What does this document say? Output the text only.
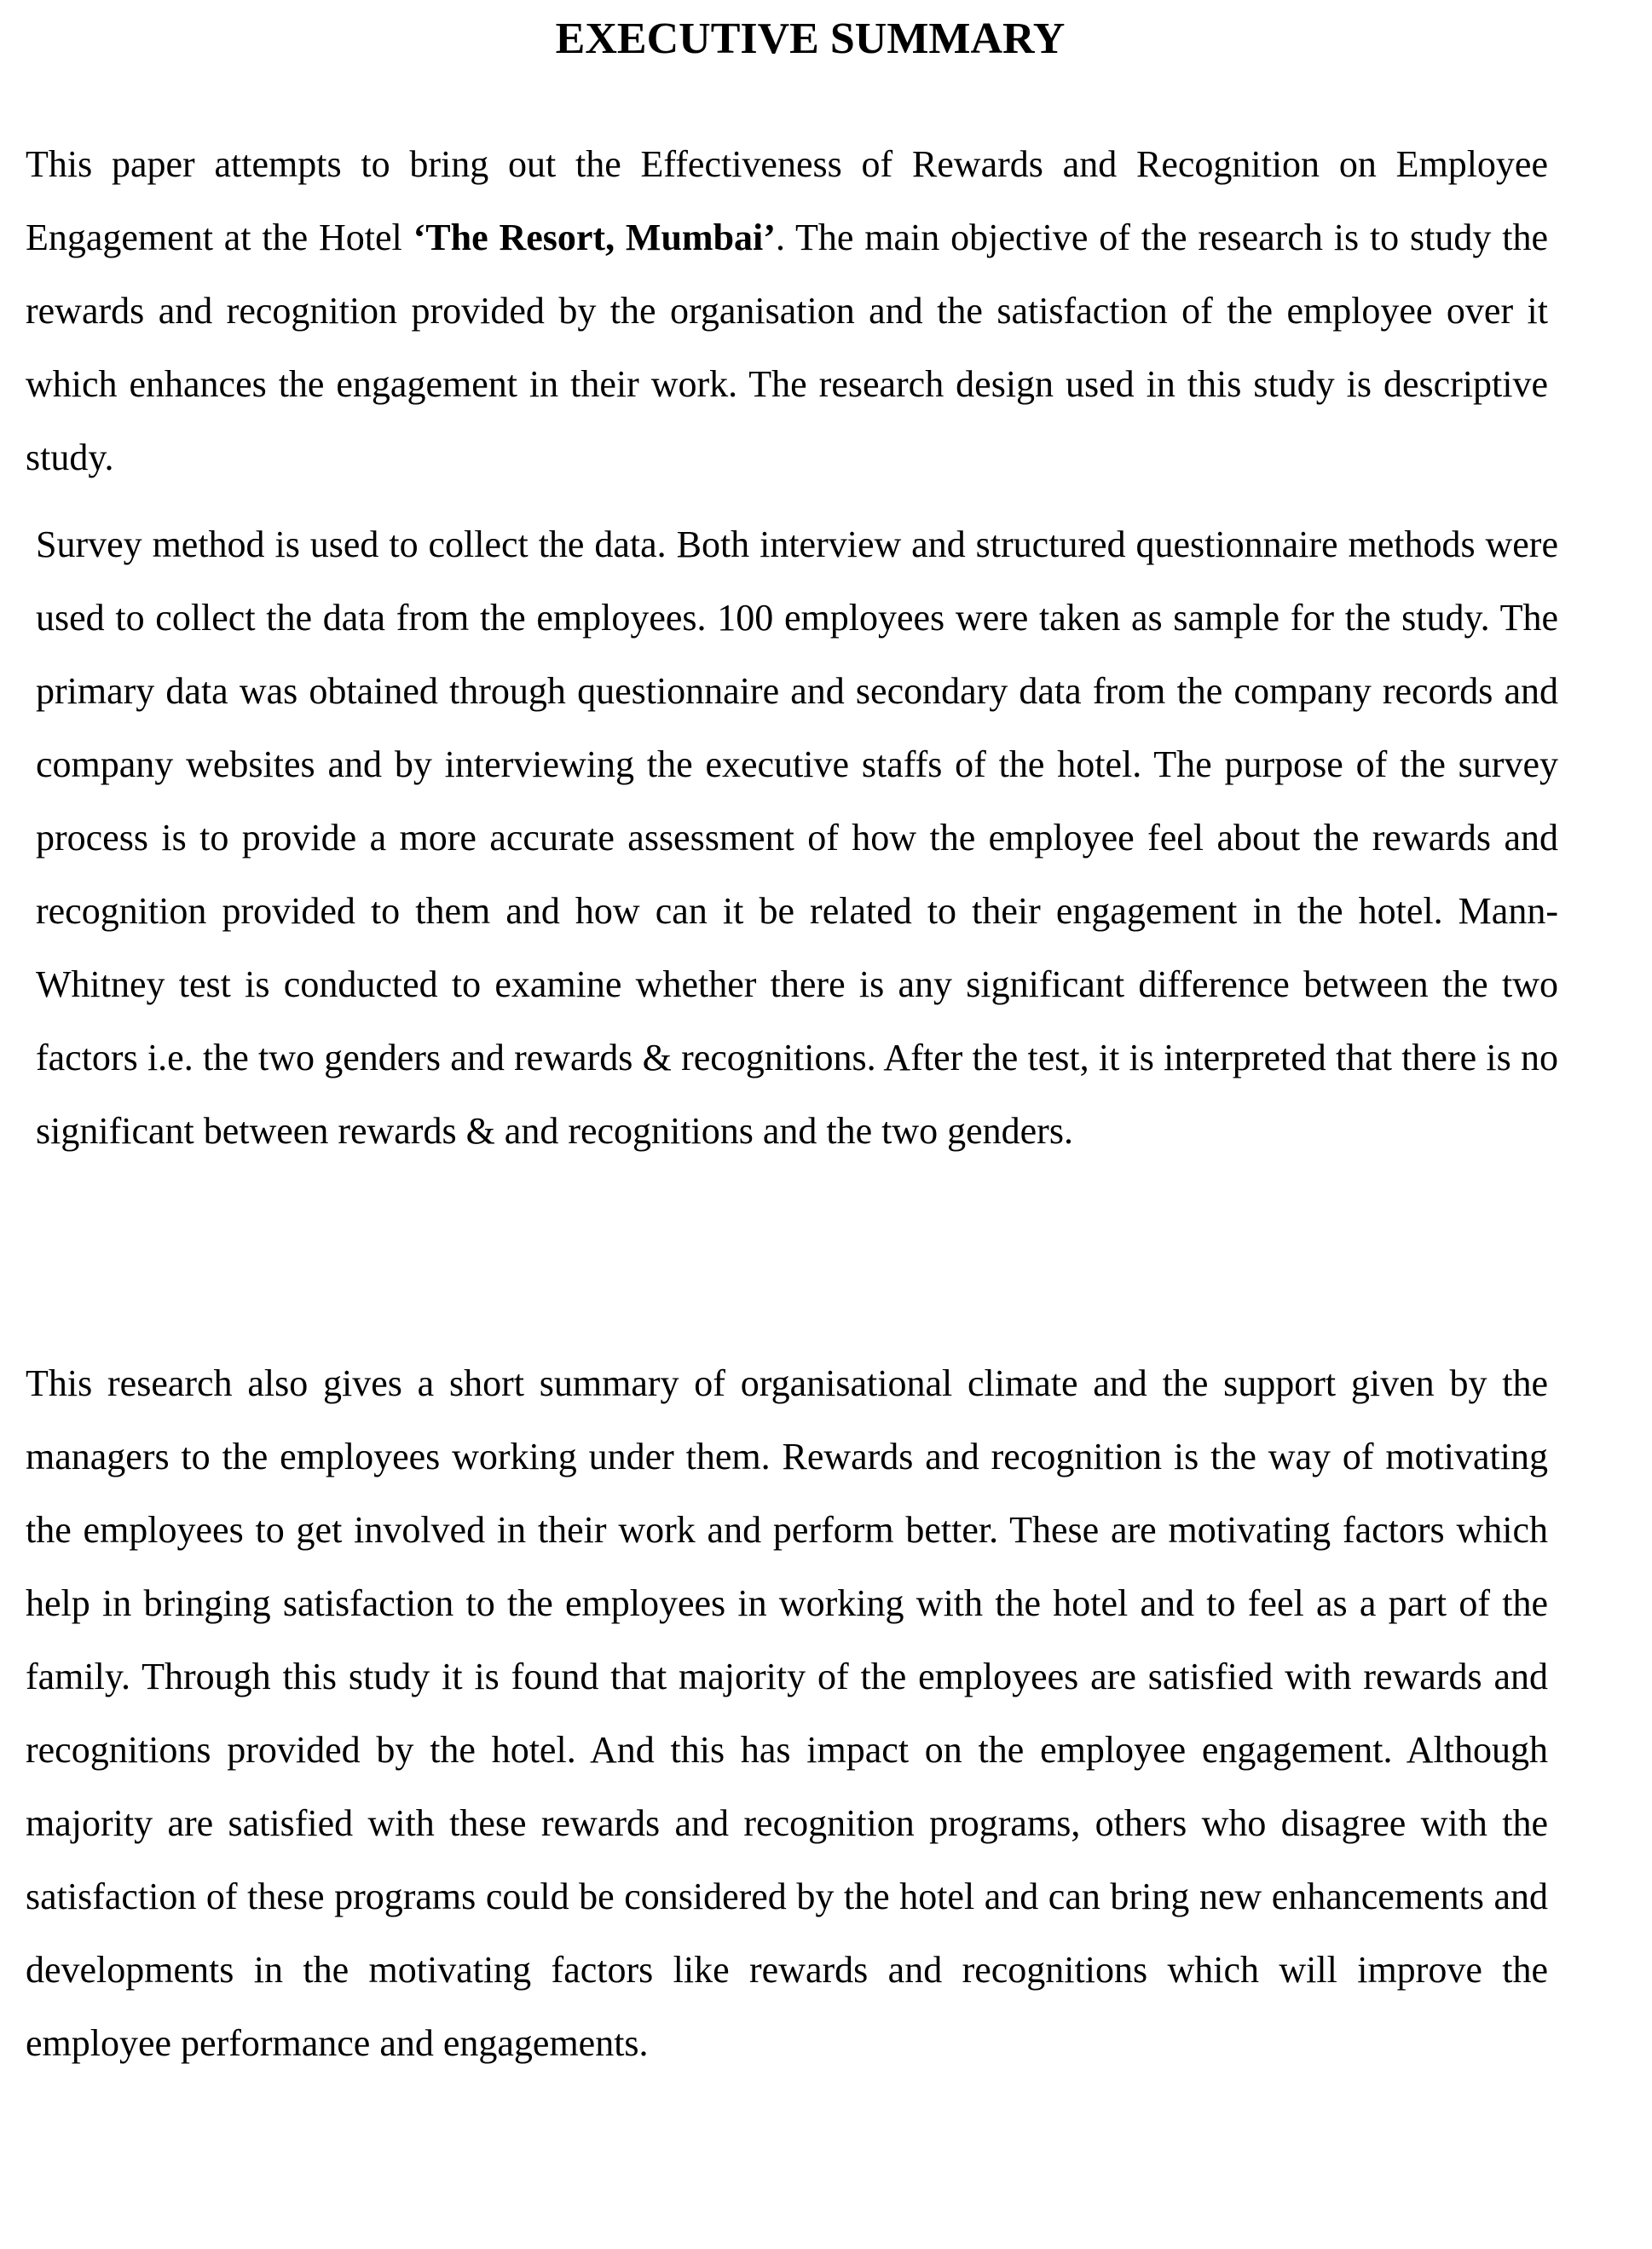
EXECUTIVE SUMMARY

This paper attempts to bring out the Effectiveness of Rewards and Recognition on Employee Engagement at the Hotel ‘The Resort, Mumbai’. The main objective of the research is to study the rewards and recognition provided by the organisation and the satisfaction of the employee over it which enhances the engagement in their work. The research design used in this study is descriptive study.

Survey method is used to collect the data. Both interview and structured questionnaire methods were used to collect the data from the employees. 100 employees were taken as sample for the study. The primary data was obtained through questionnaire and secondary data from the company records and company websites and by interviewing the executive staffs of the hotel. The purpose of the survey process is to provide a more accurate assessment of how the employee feel about the rewards and recognition provided to them and how can it be related to their engagement in the hotel. Mann-Whitney test is conducted to examine whether there is any significant difference between the two factors i.e. the two genders and rewards & recognitions. After the test, it is interpreted that there is no significant between rewards & and recognitions and the two genders.

This research also gives a short summary of organisational climate and the support given by the managers to the employees working under them. Rewards and recognition is the way of motivating the employees to get involved in their work and perform better. These are motivating factors which help in bringing satisfaction to the employees in working with the hotel and to feel as a part of the family. Through this study it is found that majority of the employees are satisfied with rewards and recognitions provided by the hotel. And this has impact on the employee engagement. Although majority are satisfied with these rewards and recognition programs, others who disagree with the satisfaction of these programs could be considered by the hotel and can bring new enhancements and developments in the motivating factors like rewards and recognitions which will improve the employee performance and engagements.
